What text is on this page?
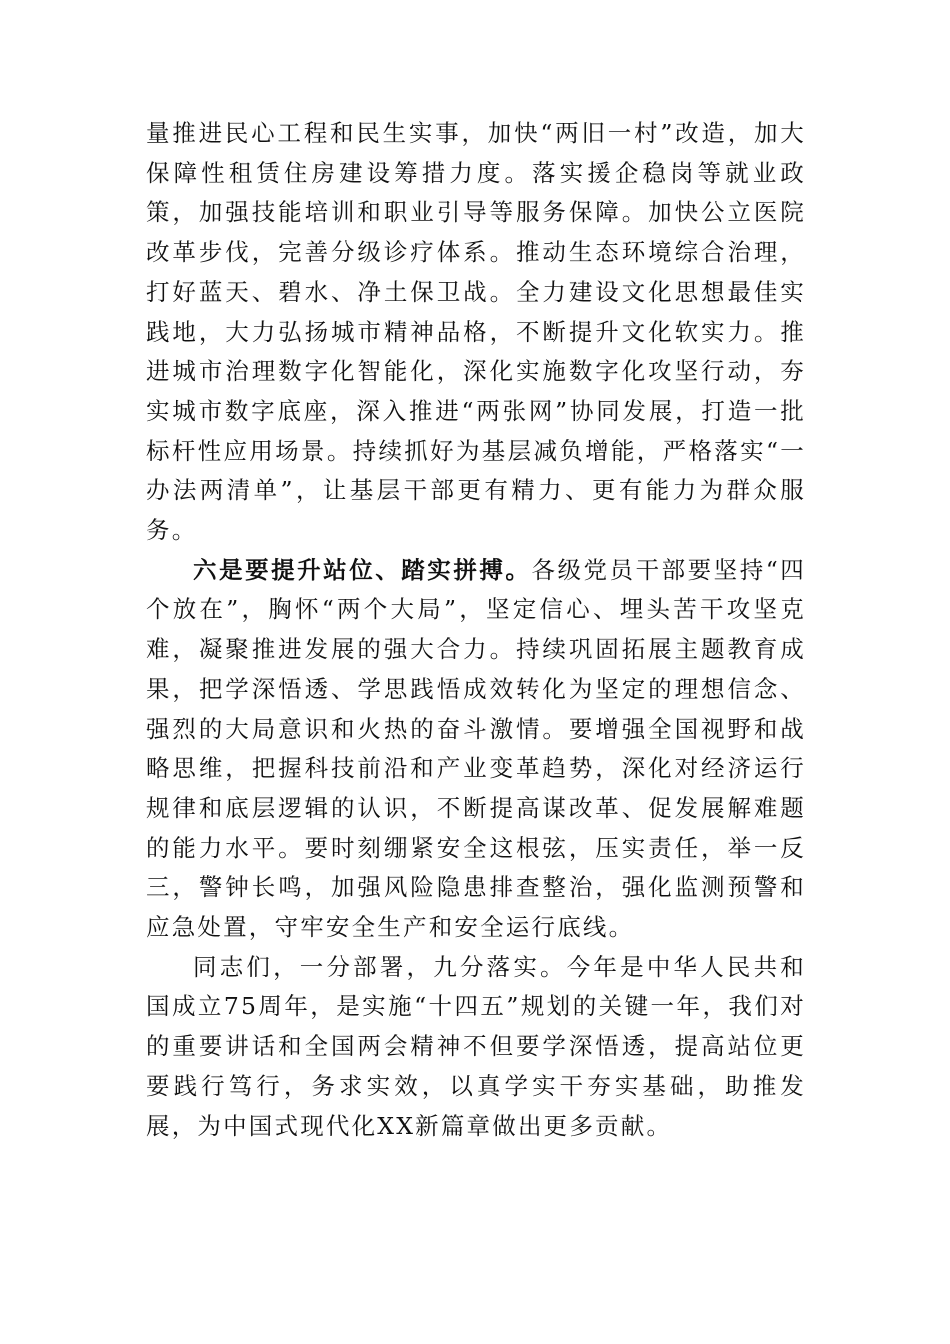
量推进民心工程和民生实事，加快“两旧一村”改造，加大保障性租赁住房建设筹措力度。落实援企稳岗等就业政策，加强技能培训和职业引导等服务保障。加快公立医院改革步伐，完善分级诊疗体系。推动生态环境综合治理，打好蓝天、碧水、净土保卫战。全力建设文化思想最佳实践地，大力弘扬城市精神品格，不断提升文化软实力。推进城市治理数字化智能化，深化实施数字化攻坚行动，夯实城市数字底座，深入推进“两张网”协同发展，打造一批标杆性应用场景。持续抓好为基层减负增能，严格落实“一办法两清单”，让基层干部更有精力、更有能力为群众服务。

六是要提升站位、踏实拼搏。各级党员干部要坚持“四个放在”，胸怀“两个大局”，坚定信心、埋头苦干攻坚克难，凝聚推进发展的强大合力。持续巩固拓展主题教育成果，把学深悟透、学思践悟成效转化为坚定的理想信念、强烈的大局意识和火热的奋斗激情。要增强全国视野和战略思维，把握科技前沿和产业变革趋势，深化对经济运行规律和底层逻辑的认识，不断提高谋改革、促发展解难题的能力水平。要时刻绷紧安全这根弦，压实责任，举一反三，警钟长鸣，加强风险隐患排查整治，强化监测预警和应急处置，守牢安全生产和安全运行底线。

同志们，一分部署，九分落实。今年是中华人民共和国成立75周年，是实施“十四五”规划的关键一年，我们对的重要讲话和全国两会精神不但要学深悟透，提高站位更要践行笃行，务求实效，以真学实干夯实基础，助推发展，为中国式现代化XX新篇章做出更多贡献。
